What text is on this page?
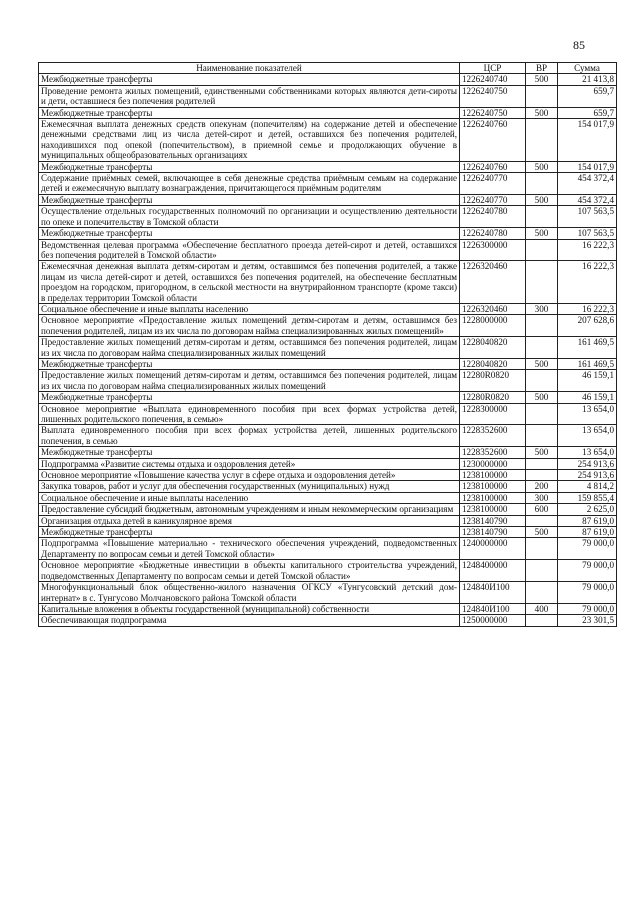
85
Наименование показателей	ЦСР	ВР	Сумма
Межбюджетные трансферты	1226240740	500	21 413,8
Проведение ремонта жилых помещений, единственными собственниками которых являются дети-сироты и дети, оставшиеся без попечения родителей	1226240750		659,7
Межбюджетные трансферты	1226240750	500	659,7
Ежемесячная выплата денежных средств опекунам (попечителям) на содержание детей и обеспечение денежными средствами лиц из числа детей-сирот и детей, оставшихся без попечения родителей, находившихся под опекой (попечительством), в приемной семье и продолжающих обучение в муниципальных общеобразовательных организациях	1226240760		154 017,9
Межбюджетные трансферты	1226240760	500	154 017,9
Содержание приёмных семей, включающее в себя денежные средства приёмным семьям на содержание детей и ежемесячную выплату вознаграждения, причитающегося приёмным родителям	1226240770		454 372,4
Межбюджетные трансферты	1226240770	500	454 372,4
Осуществление отдельных государственных полномочий по организации и осуществлению деятельности по опеке и попечительству в Томской области	1226240780		107 563,5
Межбюджетные трансферты	1226240780	500	107 563,5
Ведомственная целевая программа «Обеспечение бесплатного проезда детей-сирот и детей, оставшихся без попечения родителей в Томской области»	1226300000		16 222,3
Ежемесячная денежная выплата детям-сиротам и детям, оставшимся без попечения родителей, а также лицам из числа детей-сирот и детей, оставшихся без попечения родителей, на обеспечение бесплатным проездом на городском, пригородном, в сельской местности на внутрирайонном транспорте (кроме такси) в пределах территории Томской области	1226320460		16 222,3
Социальное обеспечение и иные выплаты населению	1226320460	300	16 222,3
Основное мероприятие «Предоставление жилых помещений детям-сиротам и детям, оставшимся без попечения родителей, лицам из их числа по договорам найма специализированных жилых помещений»	1228000000		207 628,6
Предоставление жилых помещений детям-сиротам и детям, оставшимся без попечения родителей, лицам из их числа по договорам найма специализированных жилых помещений	1228040820		161 469,5
Межбюджетные трансферты	1228040820	500	161 469,5
Предоставление жилых помещений детям-сиротам и детям, оставшимся без попечения родителей, лицам из их числа по договорам найма специализированных жилых помещений	12280R0820		46 159,1
Межбюджетные трансферты	12280R0820	500	46 159,1
Основное мероприятие «Выплата единовременного пособия при всех формах устройства детей, лишенных родительского попечения, в семью»	1228300000		13 654,0
Выплата единовременного пособия при всех формах устройства детей, лишенных родительского попечения, в семью	1228352600		13 654,0
Межбюджетные трансферты	1228352600	500	13 654,0
Подпрограмма «Развитие системы отдыха и оздоровления детей»	1230000000		254 913,6
Основное мероприятие «Повышение качества услуг в сфере отдыха и оздоровления детей»	1238100000		254 913,6
Закупка товаров, работ и услуг для обеспечения государственных (муниципальных) нужд	1238100000	200	4 814,2
Социальное обеспечение и иные выплаты населению	1238100000	300	159 855,4
Предоставление субсидий бюджетным, автономным учреждениям и иным некоммерческим организациям	1238100000	600	2 625,0
Организация отдыха детей в каникулярное время	1238140790		87 619,0
Межбюджетные трансферты	1238140790	500	87 619,0
Подпрограмма «Повышение материально - технического обеспечения учреждений, подведомственных Департаменту по вопросам семьи и детей Томской области»	1240000000		79 000,0
Основное мероприятие «Бюджетные инвестиции в объекты капитального строительства учреждений, подведомственных Департаменту по вопросам семьи и детей Томской области»	1248400000		79 000,0
Многофункциональный блок общественно-жилого назначения ОГКСУ «Тунгусовский детский дом-интернат» в с. Тунгусово Молчановского района Томской области	124840И100		79 000,0
Капитальные вложения в объекты государственной (муниципальной) собственности	124840И100	400	79 000,0
Обеспечивающая подпрограмма	1250000000		23 301,5
